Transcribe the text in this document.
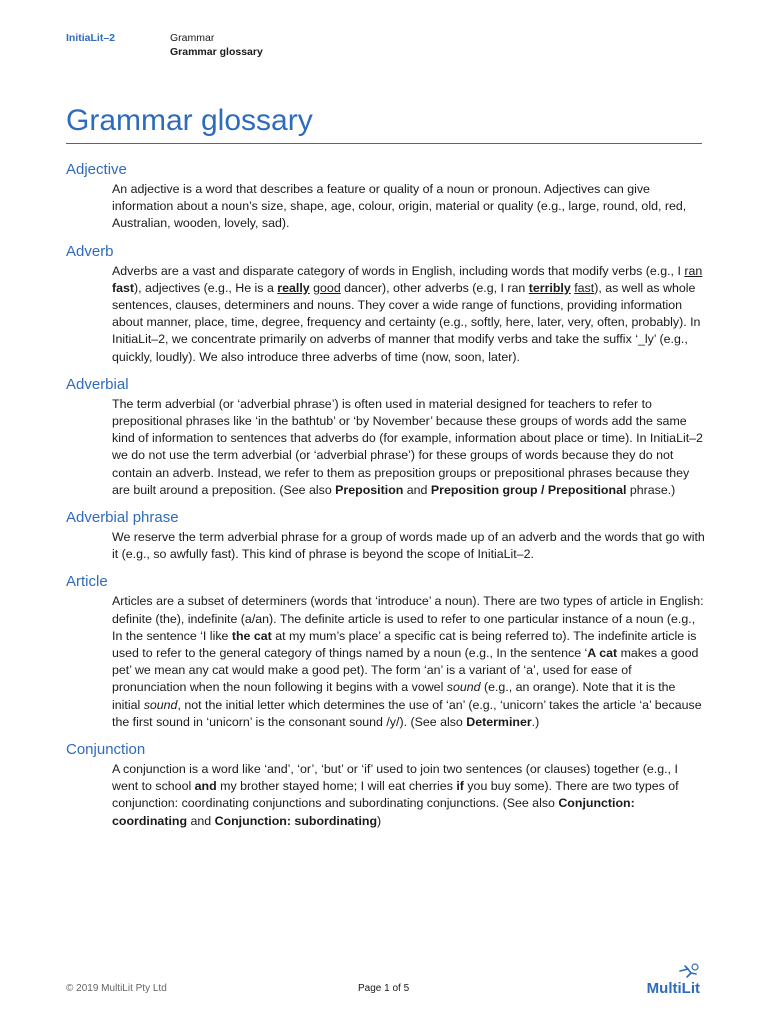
InitiaLit–2	Grammar
Grammar glossary
Grammar glossary
Adjective

An adjective is a word that describes a feature or quality of a noun or pronoun. Adjectives can give information about a noun’s size, shape, age, colour, origin, material or quality (e.g., large, round, old, red, Australian, wooden, lovely, sad).

Adverb

Adverbs are a vast and disparate category of words in English, including words that modify verbs (e.g., I ran fast), adjectives (e.g., He is a really good dancer), other adverbs (e.g, I ran terribly fast), as well as whole sentences, clauses, determiners and nouns. They cover a wide range of functions, providing information about manner, place, time, degree, frequency and certainty (e.g., softly, here, later, very, often, probably). In InitiaLit–2, we concentrate primarily on adverbs of manner that modify verbs and take the suffix ‘_ly’ (e.g., quickly, loudly). We also introduce three adverbs of time (now, soon, later).

Adverbial

The term adverbial (or ‘adverbial phrase’) is often used in material designed for teachers to refer to prepositional phrases like ‘in the bathtub’ or ‘by November’ because these groups of words add the same kind of information to sentences that adverbs do (for example, information about place or time). In InitiaLit–2 we do not use the term adverbial (or ‘adverbial phrase’) for these groups of words because they do not contain an adverb. Instead, we refer to them as preposition groups or prepositional phrases because they are built around a preposition. (See also Preposition and Preposition group / Prepositional phrase.)

Adverbial phrase

We reserve the term adverbial phrase for a group of words made up of an adverb and the words that go with it (e.g., so awfully fast). This kind of phrase is beyond the scope of InitiaLit–2.

Article

Articles are a subset of determiners (words that ‘introduce’ a noun). There are two types of article in English: definite (the), indefinite (a/an). The definite article is used to refer to one particular instance of a noun (e.g., In the sentence ‘I like the cat at my mum’s place’ a specific cat is being referred to). The indefinite article is used to refer to the general category of things named by a noun (e.g., In the sentence ‘A cat makes a good pet’ we mean any cat would make a good pet). The form ‘an’ is a variant of ‘a’, used for ease of pronunciation when the noun following it begins with a vowel sound (e.g., an orange). Note that it is the initial sound, not the initial letter which determines the use of ‘an’ (e.g., ‘unicorn’ takes the article ‘a’ because the first sound in ‘unicorn’ is the consonant sound /y/). (See also Determiner.)

Conjunction

A conjunction is a word like ‘and’, ‘or’, ‘but’ or ‘if’ used to join two sentences (or clauses) together (e.g., I went to school and my brother stayed home; I will eat cherries if you buy some). There are two types of conjunction: coordinating conjunctions and subordinating conjunctions. (See also Conjunction: coordinating and Conjunction: subordinating)

© 2019 MultiLit Pty Ltd	Page 1 of 5	MultiLit
